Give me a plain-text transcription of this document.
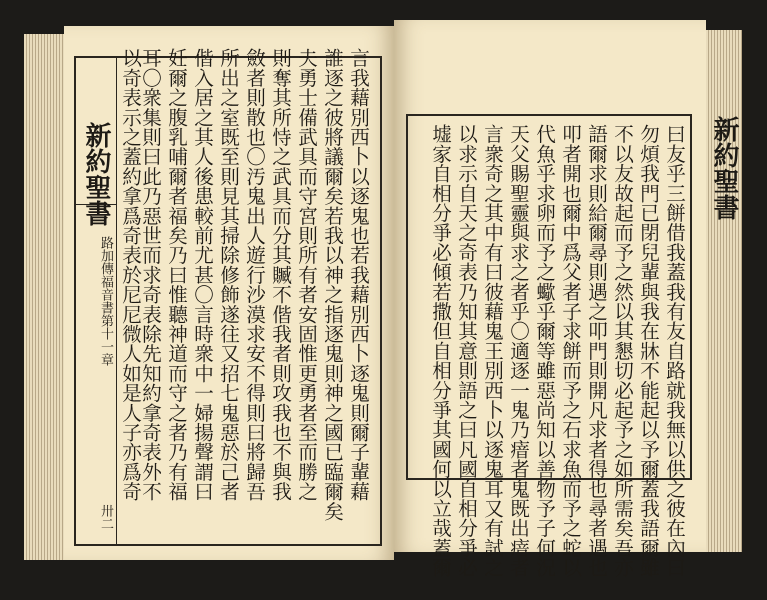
新約聖書
路加傳福音書第十一章
卅二
言我藉別西卜以逐鬼也若我藉別西卜逐鬼則爾子輩藉
誰逐之彼將議爾矣若我以神之指逐鬼則神之國已臨爾矣
夫勇士備武具而守宮則所有者安固惟更勇者至而勝之
則奪其所恃之武具而分其贓不偕我者則攻我也不與我
斂者則散也〇汚鬼出人遊行沙漠求安不得則曰將歸吾
所出之室既至則見其掃除修飾遂往又招七鬼惡於己者
偕入居之其人後患較前尤甚〇言時衆中一婦揚聲謂曰
妊爾之腹乳哺爾者福矣乃曰惟聽神道而守之者乃有福
耳〇衆集則曰此乃惡世而求奇表除先知約拿奇表外不
以奇表示之蓋約拿爲奇表於尼尼微人如是人子亦爲奇	新約聖書
曰友乎三餅借我蓋我有友自路就我無以供之彼在內曰
勿煩我門已閉兒輩與我在牀不能起以予爾蓋我語爾雖
不以友故起而予之然以其懇切必起予之如所需矣吾亦
語爾求則給爾尋則遇之叩門則開凡求者得也尋者遇也
叩者開也爾中爲父者子求餅而予之石求魚而予之蛇以
代魚乎求卵而予之蠍乎爾等雖惡尚知以善物予子何況
天父賜聖靈與求之者乎〇適逐一鬼乃瘖者鬼既出瘖者
言衆奇之其中有曰彼藉鬼王別西卜以逐鬼耳又有試之
以求示自天之奇表乃知其意則語之曰凡國自相分爭必
墟家自相分爭必傾若撒但自相分爭其國何以立哉蓋爾
